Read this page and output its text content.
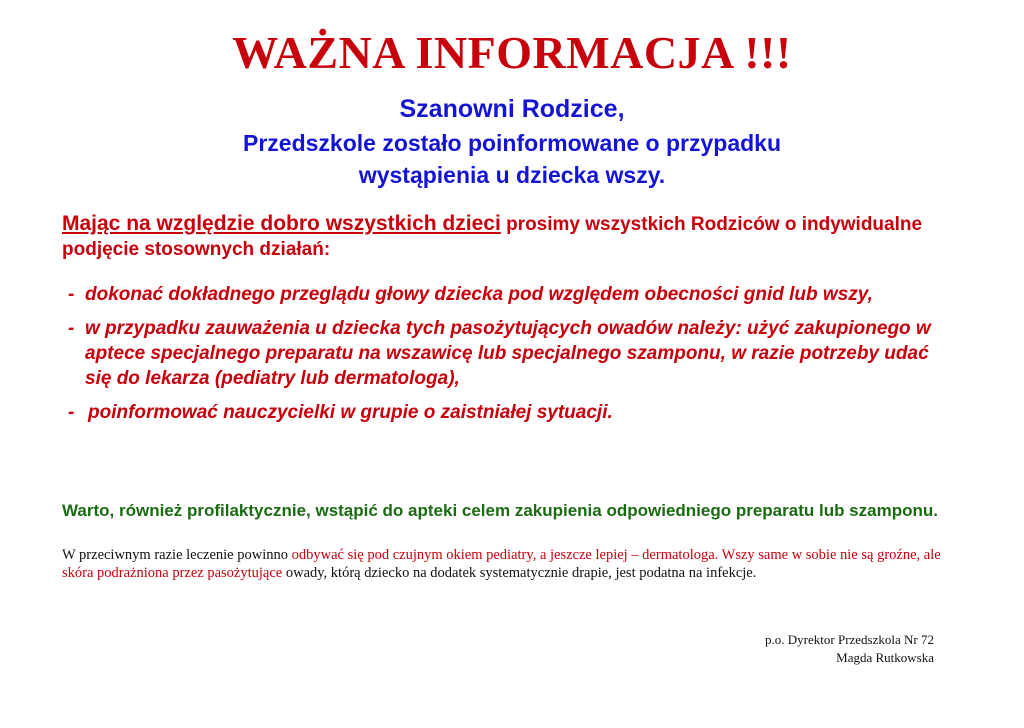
WAŻNA INFORMACJA !!!
Szanowni Rodzice,
Przedszkole zostało poinformowane o przypadku
wystąpienia u dziecka wszy.
Mając na względzie dobro wszystkich dzieci prosimy wszystkich Rodziców o indywidualne podjęcie stosownych działań:
- dokonać dokładnego przeglądu głowy dziecka pod względem obecności gnid lub wszy,
- w przypadku zauważenia u dziecka tych pasożytujących owadów należy: użyć zakupionego w aptece specjalnego preparatu na wszawicę lub specjalnego szamponu, w razie potrzeby udać się do lekarza (pediatry lub dermatologa),
- poinformować nauczycielki w grupie o zaistniałej sytuacji.
Warto, również profilaktycznie, wstąpić do apteki celem zakupienia odpowiedniego preparatu lub szamponu.
W przeciwnym razie leczenie powinno odbywać się pod czujnym okiem pediatry, a jeszcze lepiej – dermatologa. Wszy same w sobie nie są groźne, ale skóra podrażniona przez pasożytujące owady, którą dziecko na dodatek systematycznie drapie, jest podatna na infekcje.
p.o. Dyrektor Przedszkola Nr 72
Magda Rutkowska
